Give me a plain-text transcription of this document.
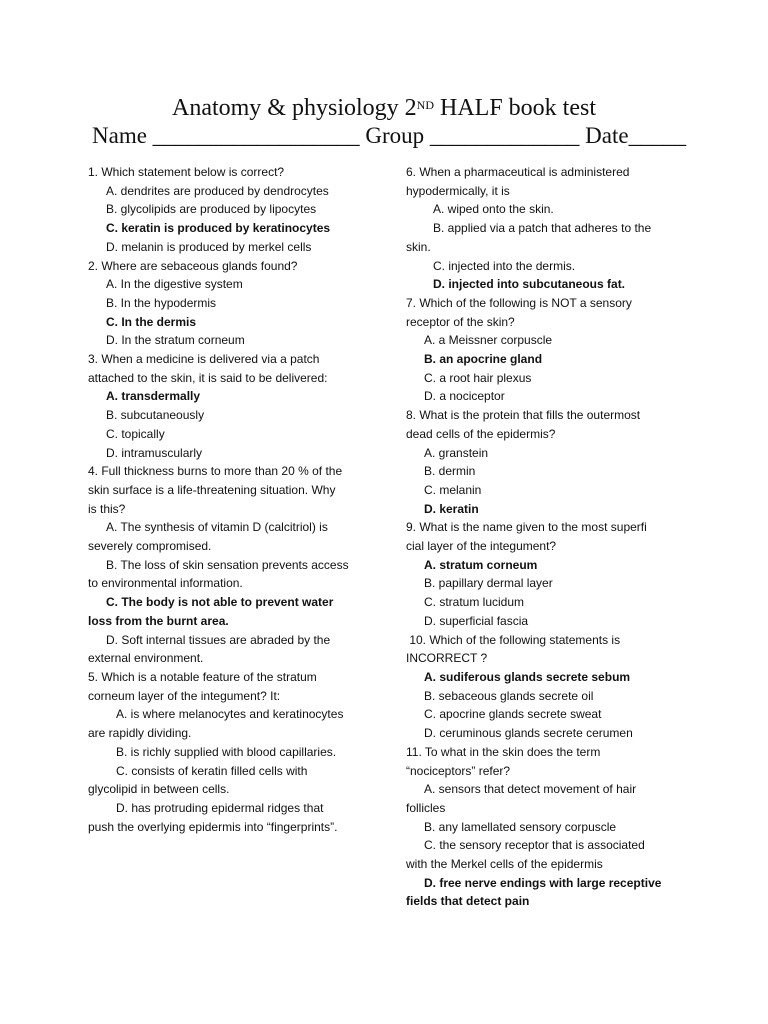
Anatomy & physiology 2ND HALF book test
Name __________________ Group _____________ Date_____
1. Which statement below is correct?
A. dendrites are produced by dendrocytes
B. glycolipids are produced by lipocytes
C. keratin is produced by keratinocytes
D. melanin is produced by merkel cells
2. Where are sebaceous glands found?
A. In the digestive system
B. In the hypodermis
C. In the dermis
D. In the stratum corneum
3. When a medicine is delivered via a patch
attached to the skin, it is said to be delivered:
A. transdermally
B. subcutaneously
C. topically
D. intramuscularly
4. Full thickness burns to more than 20 % of the
skin surface is a life-threatening situation. Why
is this?
A. The synthesis of vitamin D (calcitriol) is
severely compromised.
B. The loss of skin sensation prevents access
to environmental information.
C. The body is not able to prevent water
loss from the burnt area.
D. Soft internal tissues are abraded by the
external environment.
5. Which is a notable feature of the stratum
corneum layer of the integument? It:
A. is where melanocytes and keratinocytes
are rapidly dividing.
B. is richly supplied with blood capillaries.
C. consists of keratin filled cells with
glycolipid in between cells.
D. has protruding epidermal ridges that
push the overlying epidermis into “fingerprints”.
6. When a pharmaceutical is administered
hypodermically, it is
A. wiped onto the skin.
B. applied via a patch that adheres to the
skin.
C. injected into the dermis.
D. injected into subcutaneous fat.
7. Which of the following is NOT a sensory
receptor of the skin?
A. a Meissner corpuscle
B. an apocrine gland
C. a root hair plexus
D. a nociceptor
8. What is the protein that fills the outermost
dead cells of the epidermis?
A. granstein
B. dermin
C. melanin
D. keratin
9. What is the name given to the most superfi
cial layer of the integument?
A. stratum corneum
B. papillary dermal layer
C. stratum lucidum
D. superficial fascia
10. Which of the following statements is
INCORRECT ?
A. sudiferous glands secrete sebum
B. sebaceous glands secrete oil
C. apocrine glands secrete sweat
D. ceruminous glands secrete cerumen
11. To what in the skin does the term
“nociceptors” refer?
A. sensors that detect movement of hair
follicles
B. any lamellated sensory corpuscle
C. the sensory receptor that is associated
with the Merkel cells of the epidermis
D. free nerve endings with large receptive
fields that detect pain
